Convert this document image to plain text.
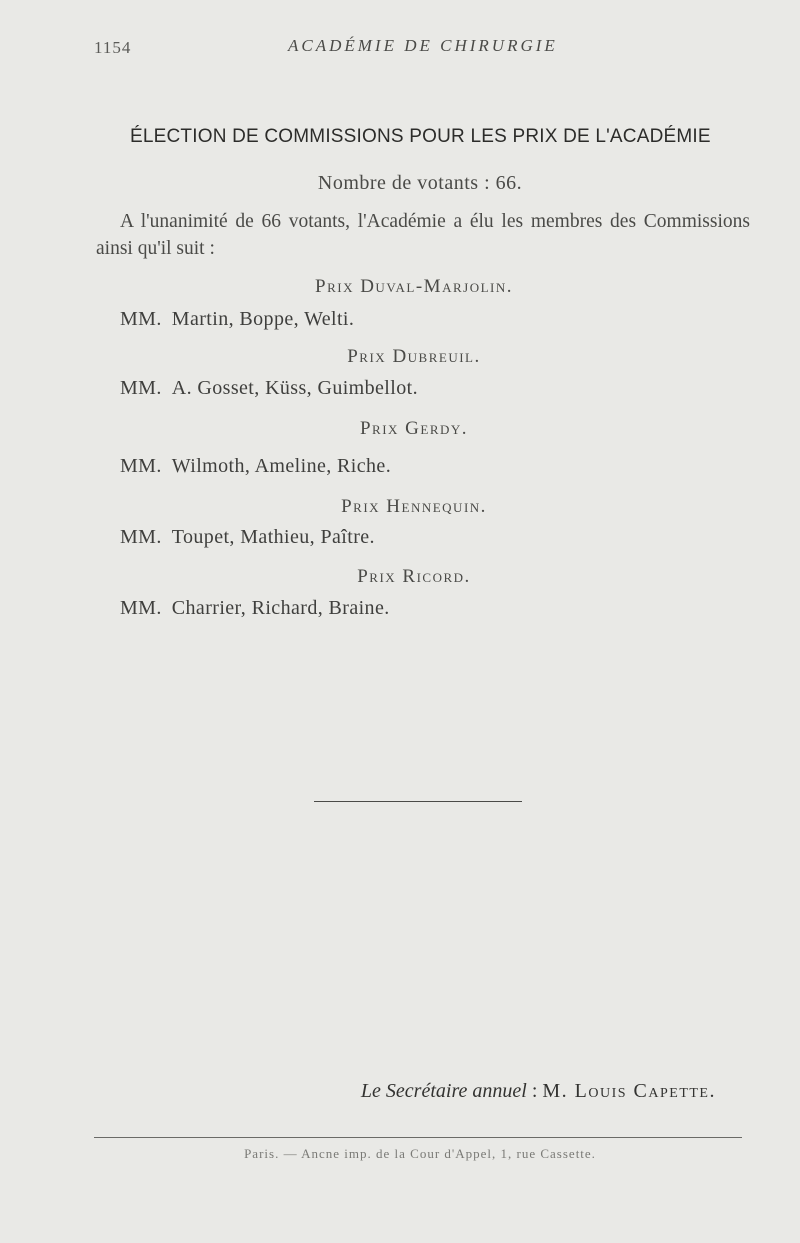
1154	ACADÉMIE DE CHIRURGIE
ÉLECTION DE COMMISSIONS POUR LES PRIX DE L'ACADÉMIE
Nombre de votants : 66.
A l'unanimité de 66 votants, l'Académie a élu les membres des Commissions ainsi qu'il suit :
Prix Duval-Marjolin.
MM. Martin, Boppe, Welti.
Prix Dubreuil.
MM. A. Gosset, Küss, Guimbellot.
Prix Gerdy.
MM. Wilmoth, Ameline, Riche.
Prix Hennequin.
MM. Toupet, Mathieu, Paître.
Prix Ricord.
MM. Charrier, Richard, Braine.
Le Secrétaire annuel : M. Louis Capette.
Paris. — Ancne imp. de la Cour d'Appel, 1, rue Cassette.
